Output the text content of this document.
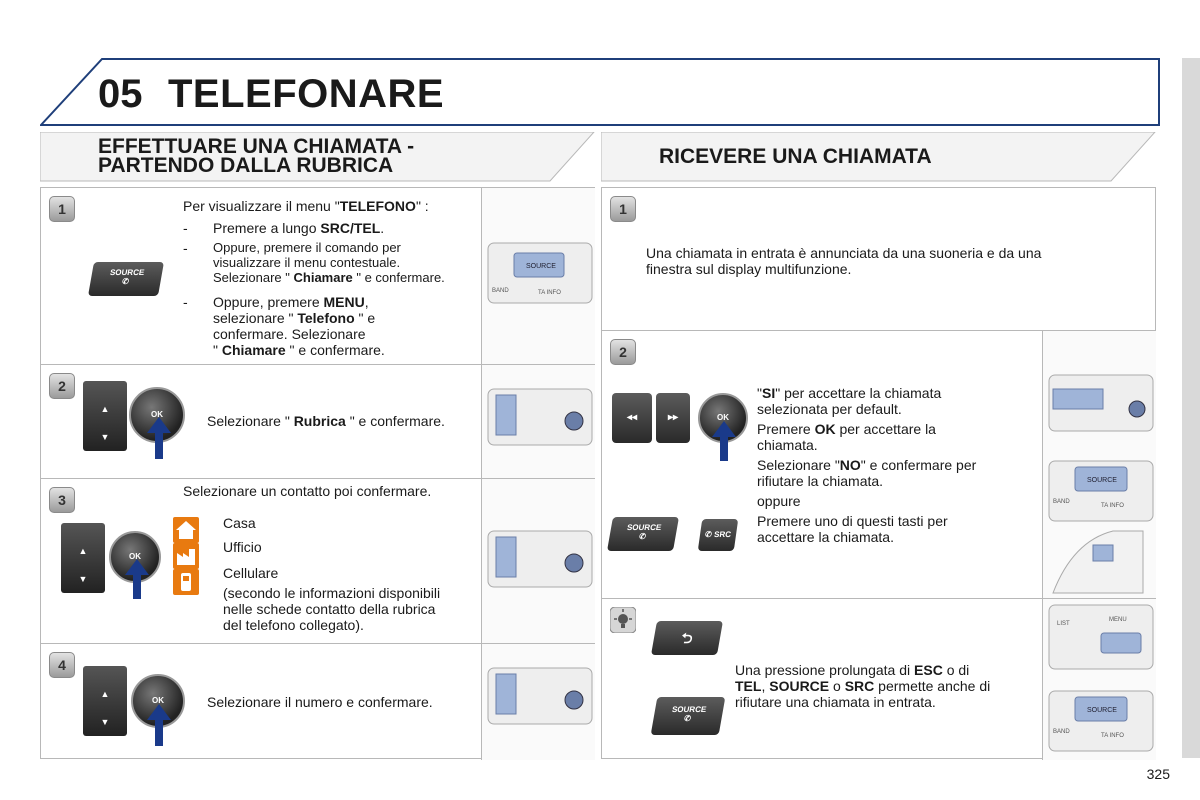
05 TELEFONARE
EFFETTUARE UNA CHIAMATA -
PARTENDO DALLA RUBRICA	RICEVERE UNA CHIAMATA
1
SOURCE
✆
Per visualizzare il menu "TELEFONO" :
- Premere a lungo SRC/TEL.
- Oppure, premere il comando per
visualizzare il menu contestuale.
Selezionare " Chiamare " e confermare.
- Oppure, premere MENU,
selezionare " Telefono " e
confermare. Selezionare
" Chiamare " e confermare.
SOURCE
BAND	TA INFO
2
▲
▼
OK	Selezionare " Rubrica " e confermare.
3
Selezionare un contatto poi confermare.
▲
▼
OK
Casa
Ufficio
Cellulare
(secondo le informazioni disponibili
nelle schede contatto della rubrica
del telefono collegato).
4
▲
▼
OK	Selezionare il numero e confermare.
1
Una chiamata in entrata è annunciata da una suoneria e da una
finestra sul display multifunzione.
2
◂◂	▸▸	OK
SOURCE
✆	✆ SRC
"SI" per accettare la chiamata
selezionata per default.
Premere OK per accettare la
chiamata.
Selezionare "NO" e confermare per
rifiutare la chiamata.
oppure
Premere uno di questi tasti per
accettare la chiamata.
SOURCE
BAND
TA INFO
⮌
SOURCE
✆
Una pressione prolungata di ESC o di
TEL, SOURCE o SRC permette anche di
rifiutare una chiamata in entrata.
LIST
MENU
SOURCE
BAND
TA INFO
325
